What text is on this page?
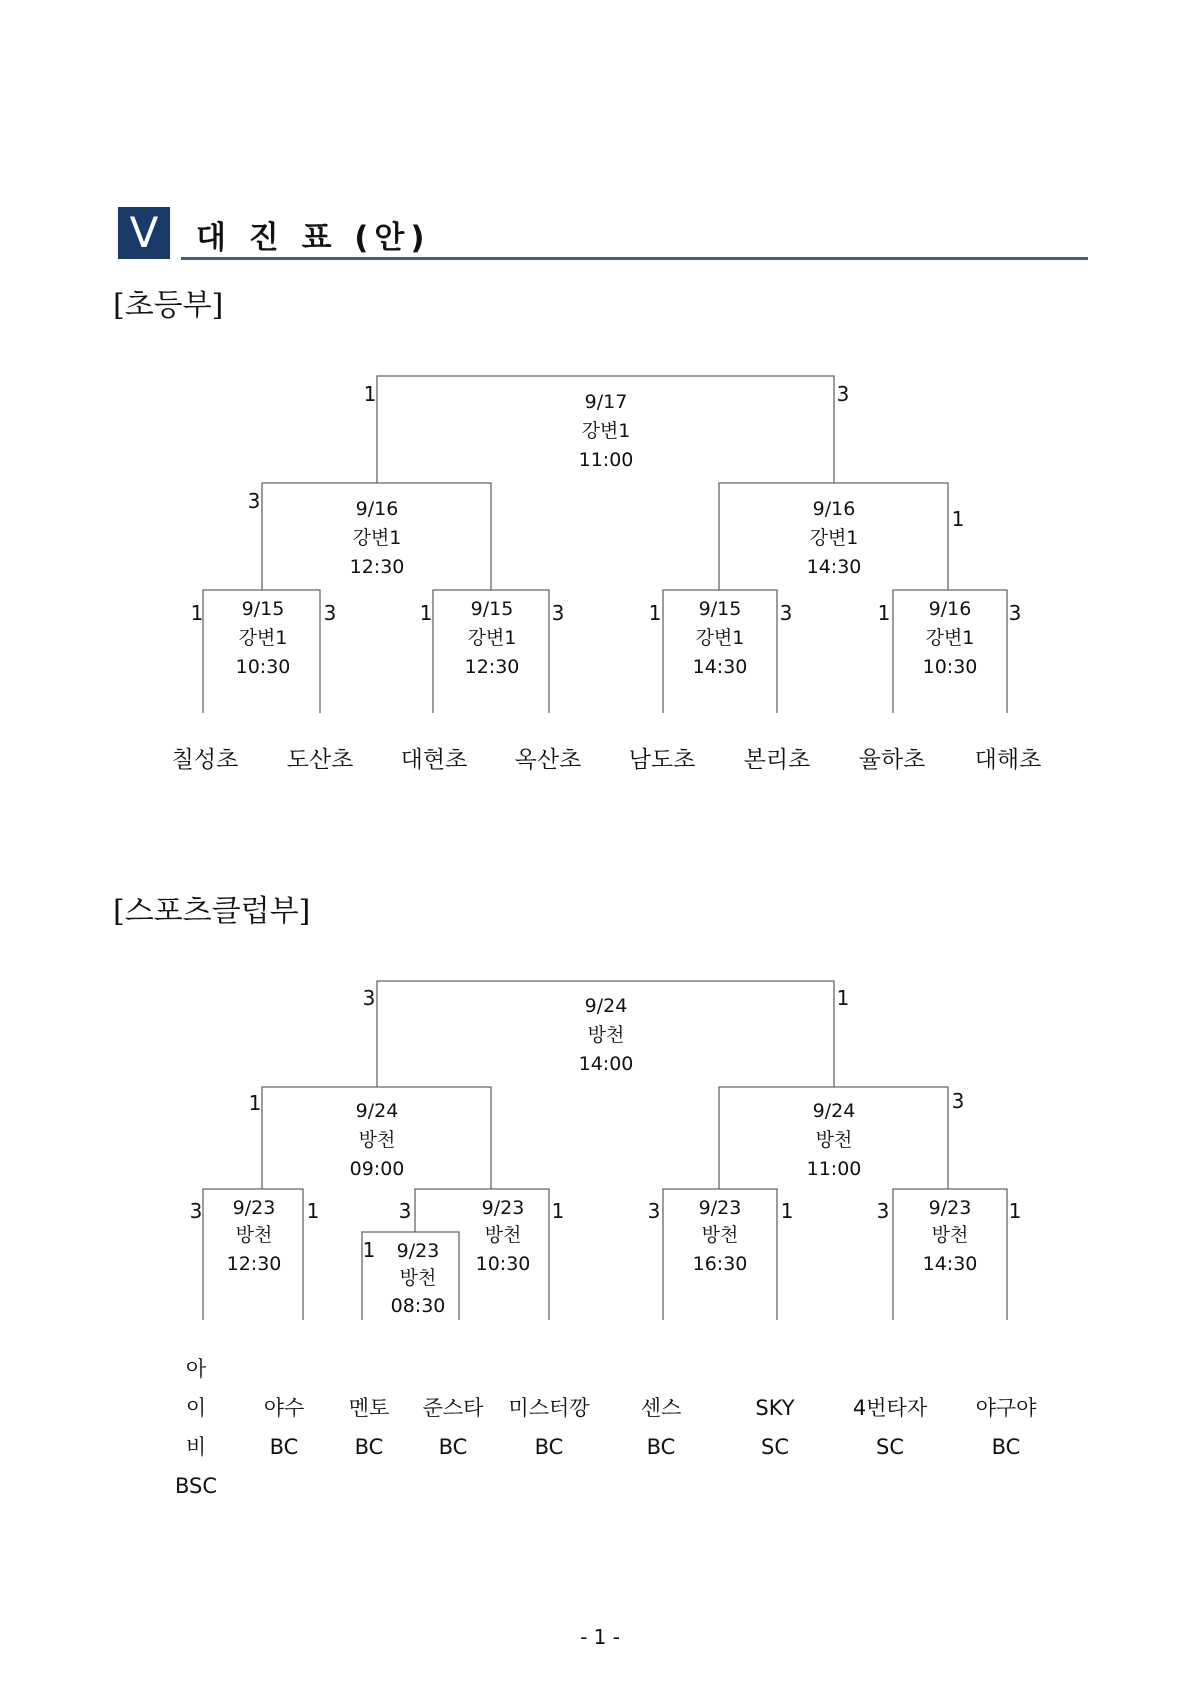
V	대 진 표 (안)
[초등부]
9/15
강변1
10:30
1	3	9/15
강변1
12:30
1	3	9/15
강변1
14:30
1	3	9/16
강변1
10:30
1	3
9/16
강변1
12:30
3	9/16
강변1
14:30
1
9/17
강변1
11:00
1	3
칠성초 도산초 대현초 옥산초 남도초 본리초 율하초 대해초
[스포츠클럽부]
9/23
방천
08:30
1
9/23
방천
12:30
3	1	9/23
방천
10:30
3	1	9/23
방천
16:30
3	1	9/23
방천
14:30
3	1
9/24
방천
09:00
1	9/24
방천
11:00
3
9/24
방천
14:00
3	1
아
이
비
BSC
야수
BC
멘토
BC
준스타
BC
미스터깡
BC
센스
BC
SKY
SC
4번타자
SC
야구야
BC
- 1 -
